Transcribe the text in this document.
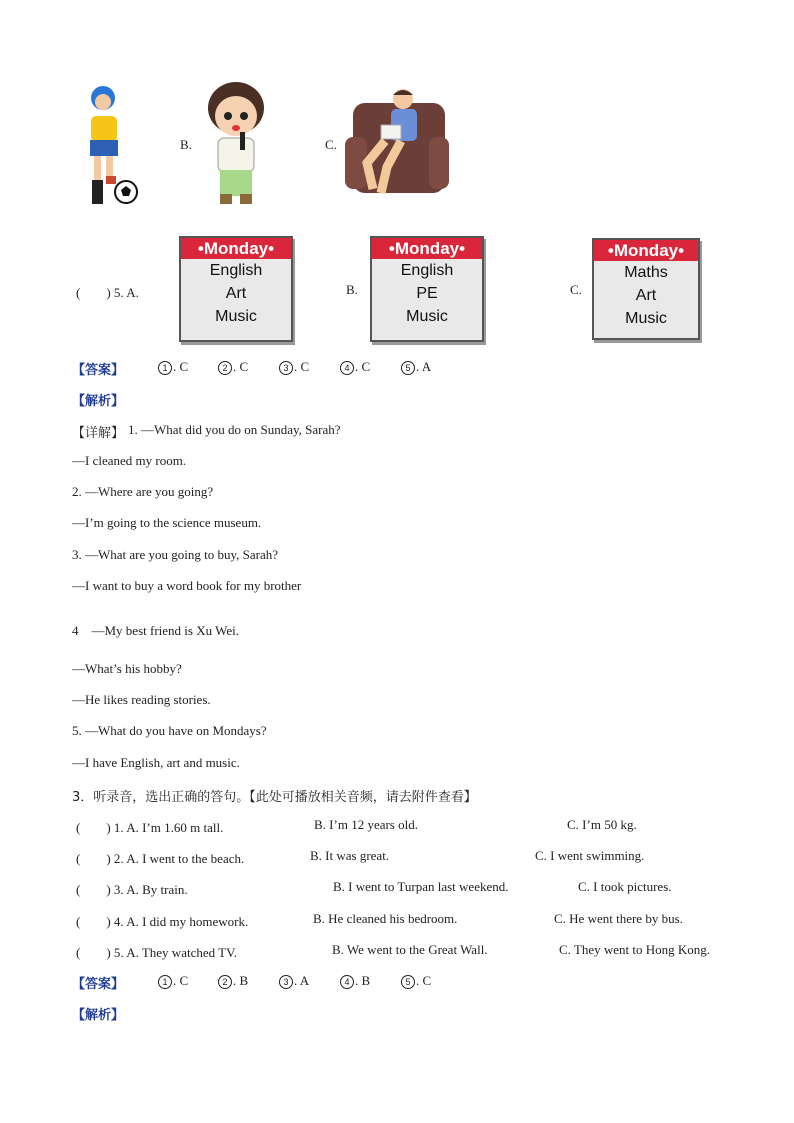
B.	C.
(　　) 5. A.
•Monday•
English
Art
Music
B.
•Monday•
English
PE
Music
C.
•Monday•
Maths
Art
Music
【答案】	1 . C	2 . C	3 . C	4 . C	5 . A
【解析】
【详解】 1. —What did you do on Sunday, Sarah?
—I cleaned my room.
2. —Where are you going?
—I’m going to the science museum.
3. —What are you going to buy, Sarah?
—I want to buy a word book for my brother
4　—My best friend is Xu Wei.
—What’s his hobby?
—He likes reading stories.
5. —What do you have on Mondays?
—I have English, art and music.
3．听录音，选出正确的答句。【此处可播放相关音频，请去附件查看】
(　　) 1. A. I’m 1.60 m tall.	B. I’m 12 years old.	C. I’m 50 kg.
(　　) 2. A. I went to the beach.	B. It was great.	C. I went swimming.
(　　) 3. A. By train.	B. I went to Turpan last weekend.	C. I took pictures.
(　　) 4. A. I did my homework.	B. He cleaned his bedroom.	C. He went there by bus.
(　　) 5. A. They watched TV.	B. We went to the Great Wall.	C. They went to Hong Kong.
【答案】	1 . C	2 . B	3 . A	4 . B	5 . C
【解析】
